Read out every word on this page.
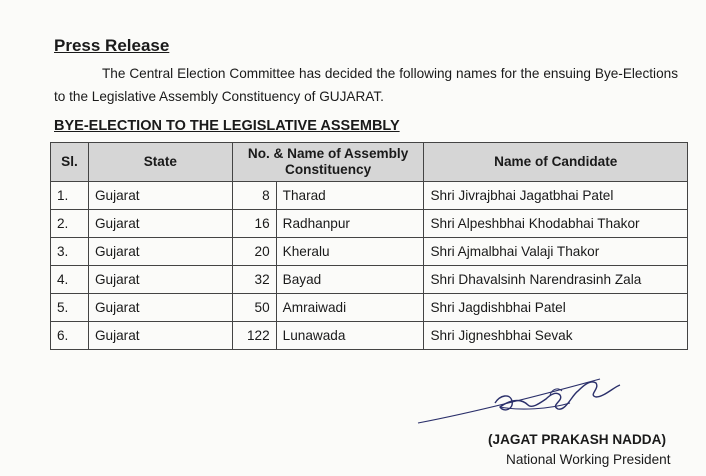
Press Release
The Central Election Committee has decided the following names for the ensuing Bye-Elections to the Legislative Assembly Constituency of GUJARAT.
BYE-ELECTION TO THE LEGISLATIVE ASSEMBLY
Sl.	State	No. & Name of Assembly Constituency		Name of Candidate
1.	Gujarat	8	Tharad	Shri Jivrajbhai Jagatbhai Patel
2.	Gujarat	16	Radhanpur	Shri Alpeshbhai Khodabhai Thakor
3.	Gujarat	20	Kheralu	Shri Ajmalbhai Valaji Thakor
4.	Gujarat	32	Bayad	Shri Dhavalsinh Narendrasinh Zala
5.	Gujarat	50	Amraiwadi	Shri Jagdishbhai Patel
6.	Gujarat	122	Lunawada	Shri Jigneshbhai Sevak
(JAGAT PRAKASH NADDA)
National Working President
